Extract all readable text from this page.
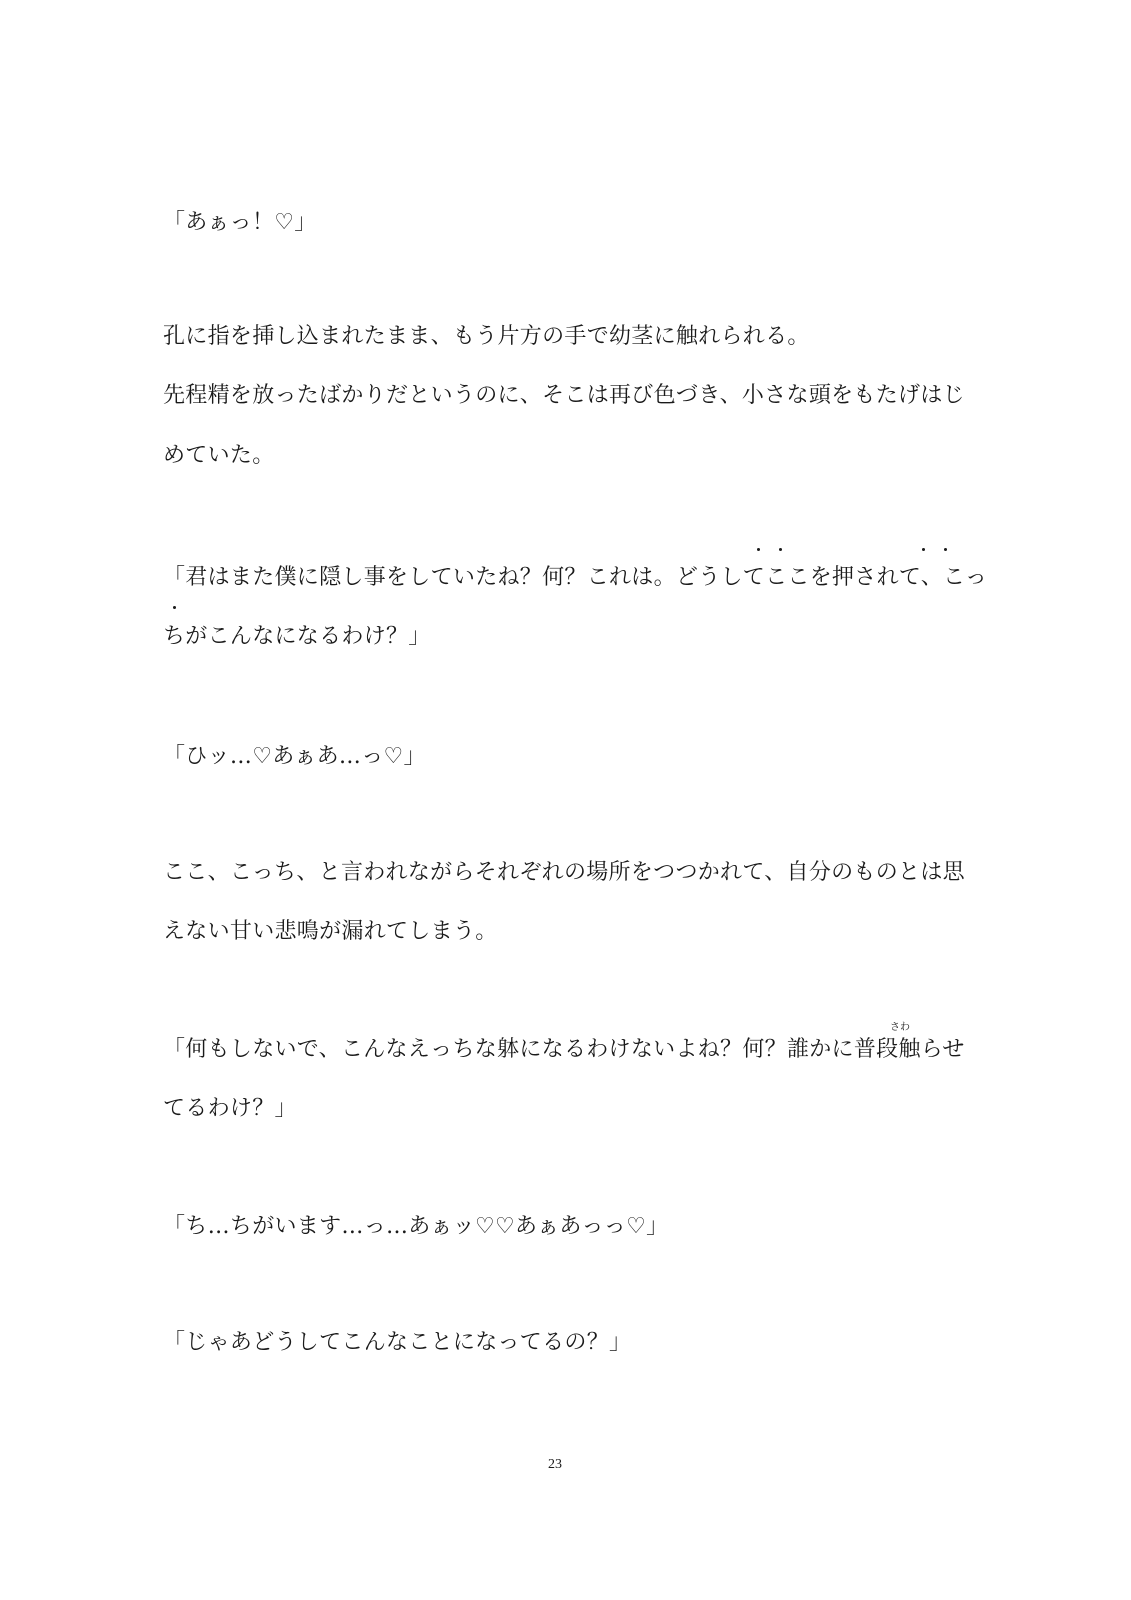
「あぁっ！♡」
孔に指を挿し込まれたまま、もう片方の手で幼茎に触れられる。
先程精を放ったばかりだというのに、そこは再び色づき、小さな頭をもたげはじ
めていた。
「君はまた僕に隠し事をしていたね？何？これは。どうしてここを押されて、こっ
ちがこんなになるわけ？」
「ひッ…♡あぁあ…っ♡」
ここ、こっち、と言われながらそれぞれの場所をつつかれて、自分のものとは思
えない甘い悲鳴が漏れてしまう。
さわ
「何もしないで、こんなえっちな躰になるわけないよね？何？誰かに普段触らせ
てるわけ？」
「ち…ちがいます…っ…あぁッ♡♡あぁあっっ♡」
「じゃあどうしてこんなことになってるの？」
23
